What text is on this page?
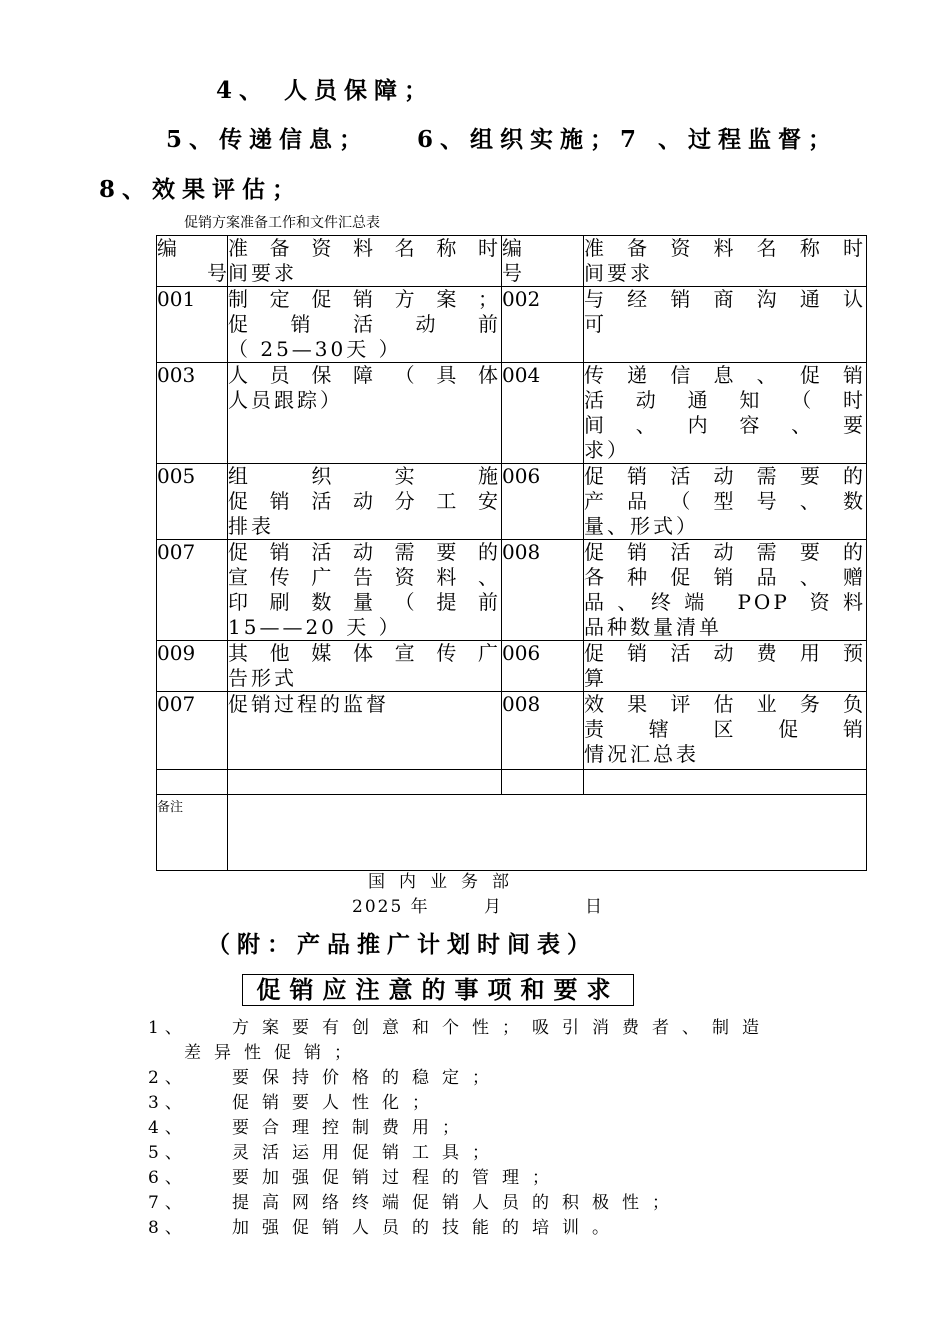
4、 人员保障；
5、传递信息； 6、组织实施；7 、过程监督；
8、效果评估；
促销方案准备工作和文件汇总表
编
号	准备资料名称时
间要求	编
号	准备资料名称时
间要求

001	制定促销方案；
促销活动前
（ 25—30天 ）	002	与经销商沟通认
可

003	人员保障（具体
人员跟踪）	004	传递信息、促销
活动通知（时
间、内容、要
求）

005	组织实施
促销活动分工安
排表	006	促销活动需要的
产品（型号、数
量、形式）

007	促销活动需要的
宣传广告资料、
印刷数量（提前
15——20 天 ）	008	促销活动需要的
各种促销品、赠
品、终端 POP 资料
品种数量清单

009	其他媒体宣传广
告形式	006	促销活动费用预
算

007	促销过程的监督	008	效果评估业务负
责辖区促销
情况汇总表

备注			
国内业务部
2025 年	月	日
（附：产品推广计划时间表）
促销应注意的事项和要求
1、	方案要有创意和个性；吸引消费者、制造
差异性促销；
2、	要保持价格的稳定；
3、	促销要人性化；
4、	要合理控制费用；
5、	灵活运用促销工具；
6、	要加强促销过程的管理；
7、	提高网络终端促销人员的积极性；
8、	加强促销人员的技能的培训。
